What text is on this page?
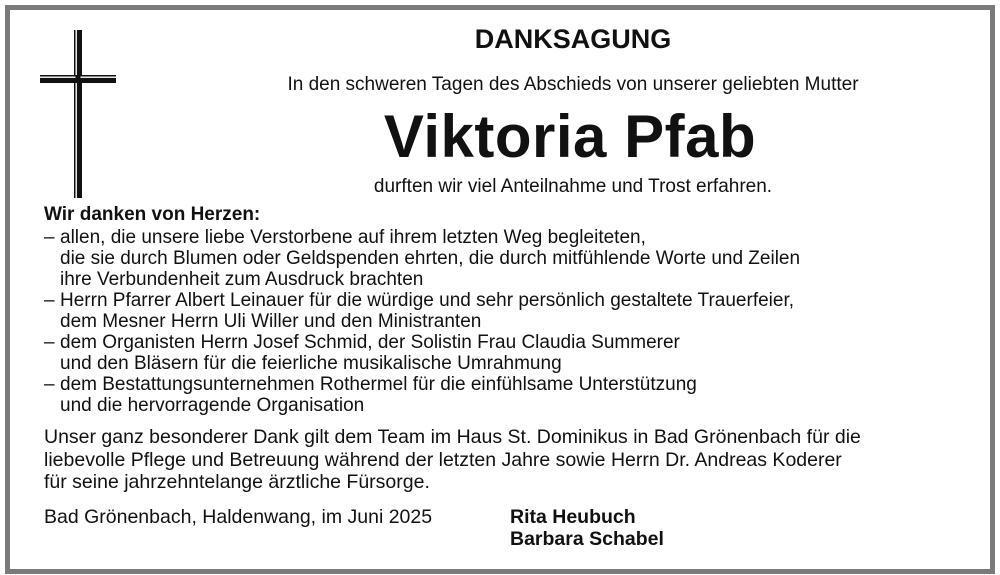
DANKSAGUNG
In den schweren Tagen des Abschieds von unserer geliebten Mutter
Viktoria Pfab
durften wir viel Anteilnahme und Trost erfahren.
Wir danken von Herzen:
– allen, die unsere liebe Verstorbene auf ihrem letzten Weg begleiteten,
die sie durch Blumen oder Geldspenden ehrten, die durch mitfühlende Worte und Zeilen
ihre Verbundenheit zum Ausdruck brachten
– Herrn Pfarrer Albert Leinauer für die würdige und sehr persönlich gestaltete Trauerfeier,
dem Mesner Herrn Uli Willer und den Ministranten
– dem Organisten Herrn Josef Schmid, der Solistin Frau Claudia Summerer
und den Bläsern für die feierliche musikalische Umrahmung
– dem Bestattungsunternehmen Rothermel für die einfühlsame Unterstützung
und die hervorragende Organisation
Unser ganz besonderer Dank gilt dem Team im Haus St. Dominikus in Bad Grönenbach für die
liebevolle Pflege und Betreuung während der letzten Jahre sowie Herrn Dr. Andreas Koderer
für seine jahrzehntelange ärztliche Fürsorge.
Bad Grönenbach, Haldenwang, im Juni 2025	Rita Heubuch
Barbara Schabel
